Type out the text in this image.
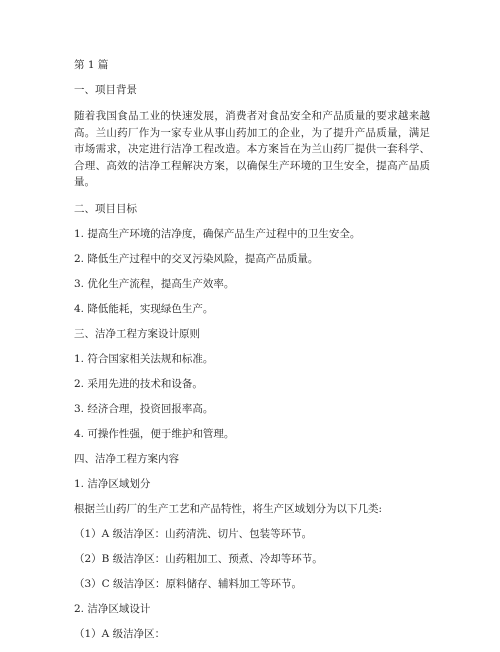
第 1 篇

一、项目背景

随着我国食品工业的快速发展，消费者对食品安全和产品质量的要求越来越高。兰山药厂作为一家专业从事山药加工的企业，为了提升产品质量，满足市场需求，决定进行洁净工程改造。本方案旨在为兰山药厂提供一套科学、合理、高效的洁净工程解决方案，以确保生产环境的卫生安全，提高产品质量。

二、项目目标

1. 提高生产环境的洁净度，确保产品生产过程中的卫生安全。

2. 降低生产过程中的交叉污染风险，提高产品质量。

3. 优化生产流程，提高生产效率。

4. 降低能耗，实现绿色生产。

三、洁净工程方案设计原则

1. 符合国家相关法规和标准。

2. 采用先进的技术和设备。

3. 经济合理，投资回报率高。

4. 可操作性强，便于维护和管理。

四、洁净工程方案内容

1. 洁净区域划分

根据兰山药厂的生产工艺和产品特性，将生产区域划分为以下几类:

（1）A 级洁净区：山药清洗、切片、包装等环节。

（2）B 级洁净区：山药粗加工、预煮、冷却等环节。

（3）C 级洁净区：原料储存、辅料加工等环节。

2. 洁净区域设计

（1）A 级洁净区：
